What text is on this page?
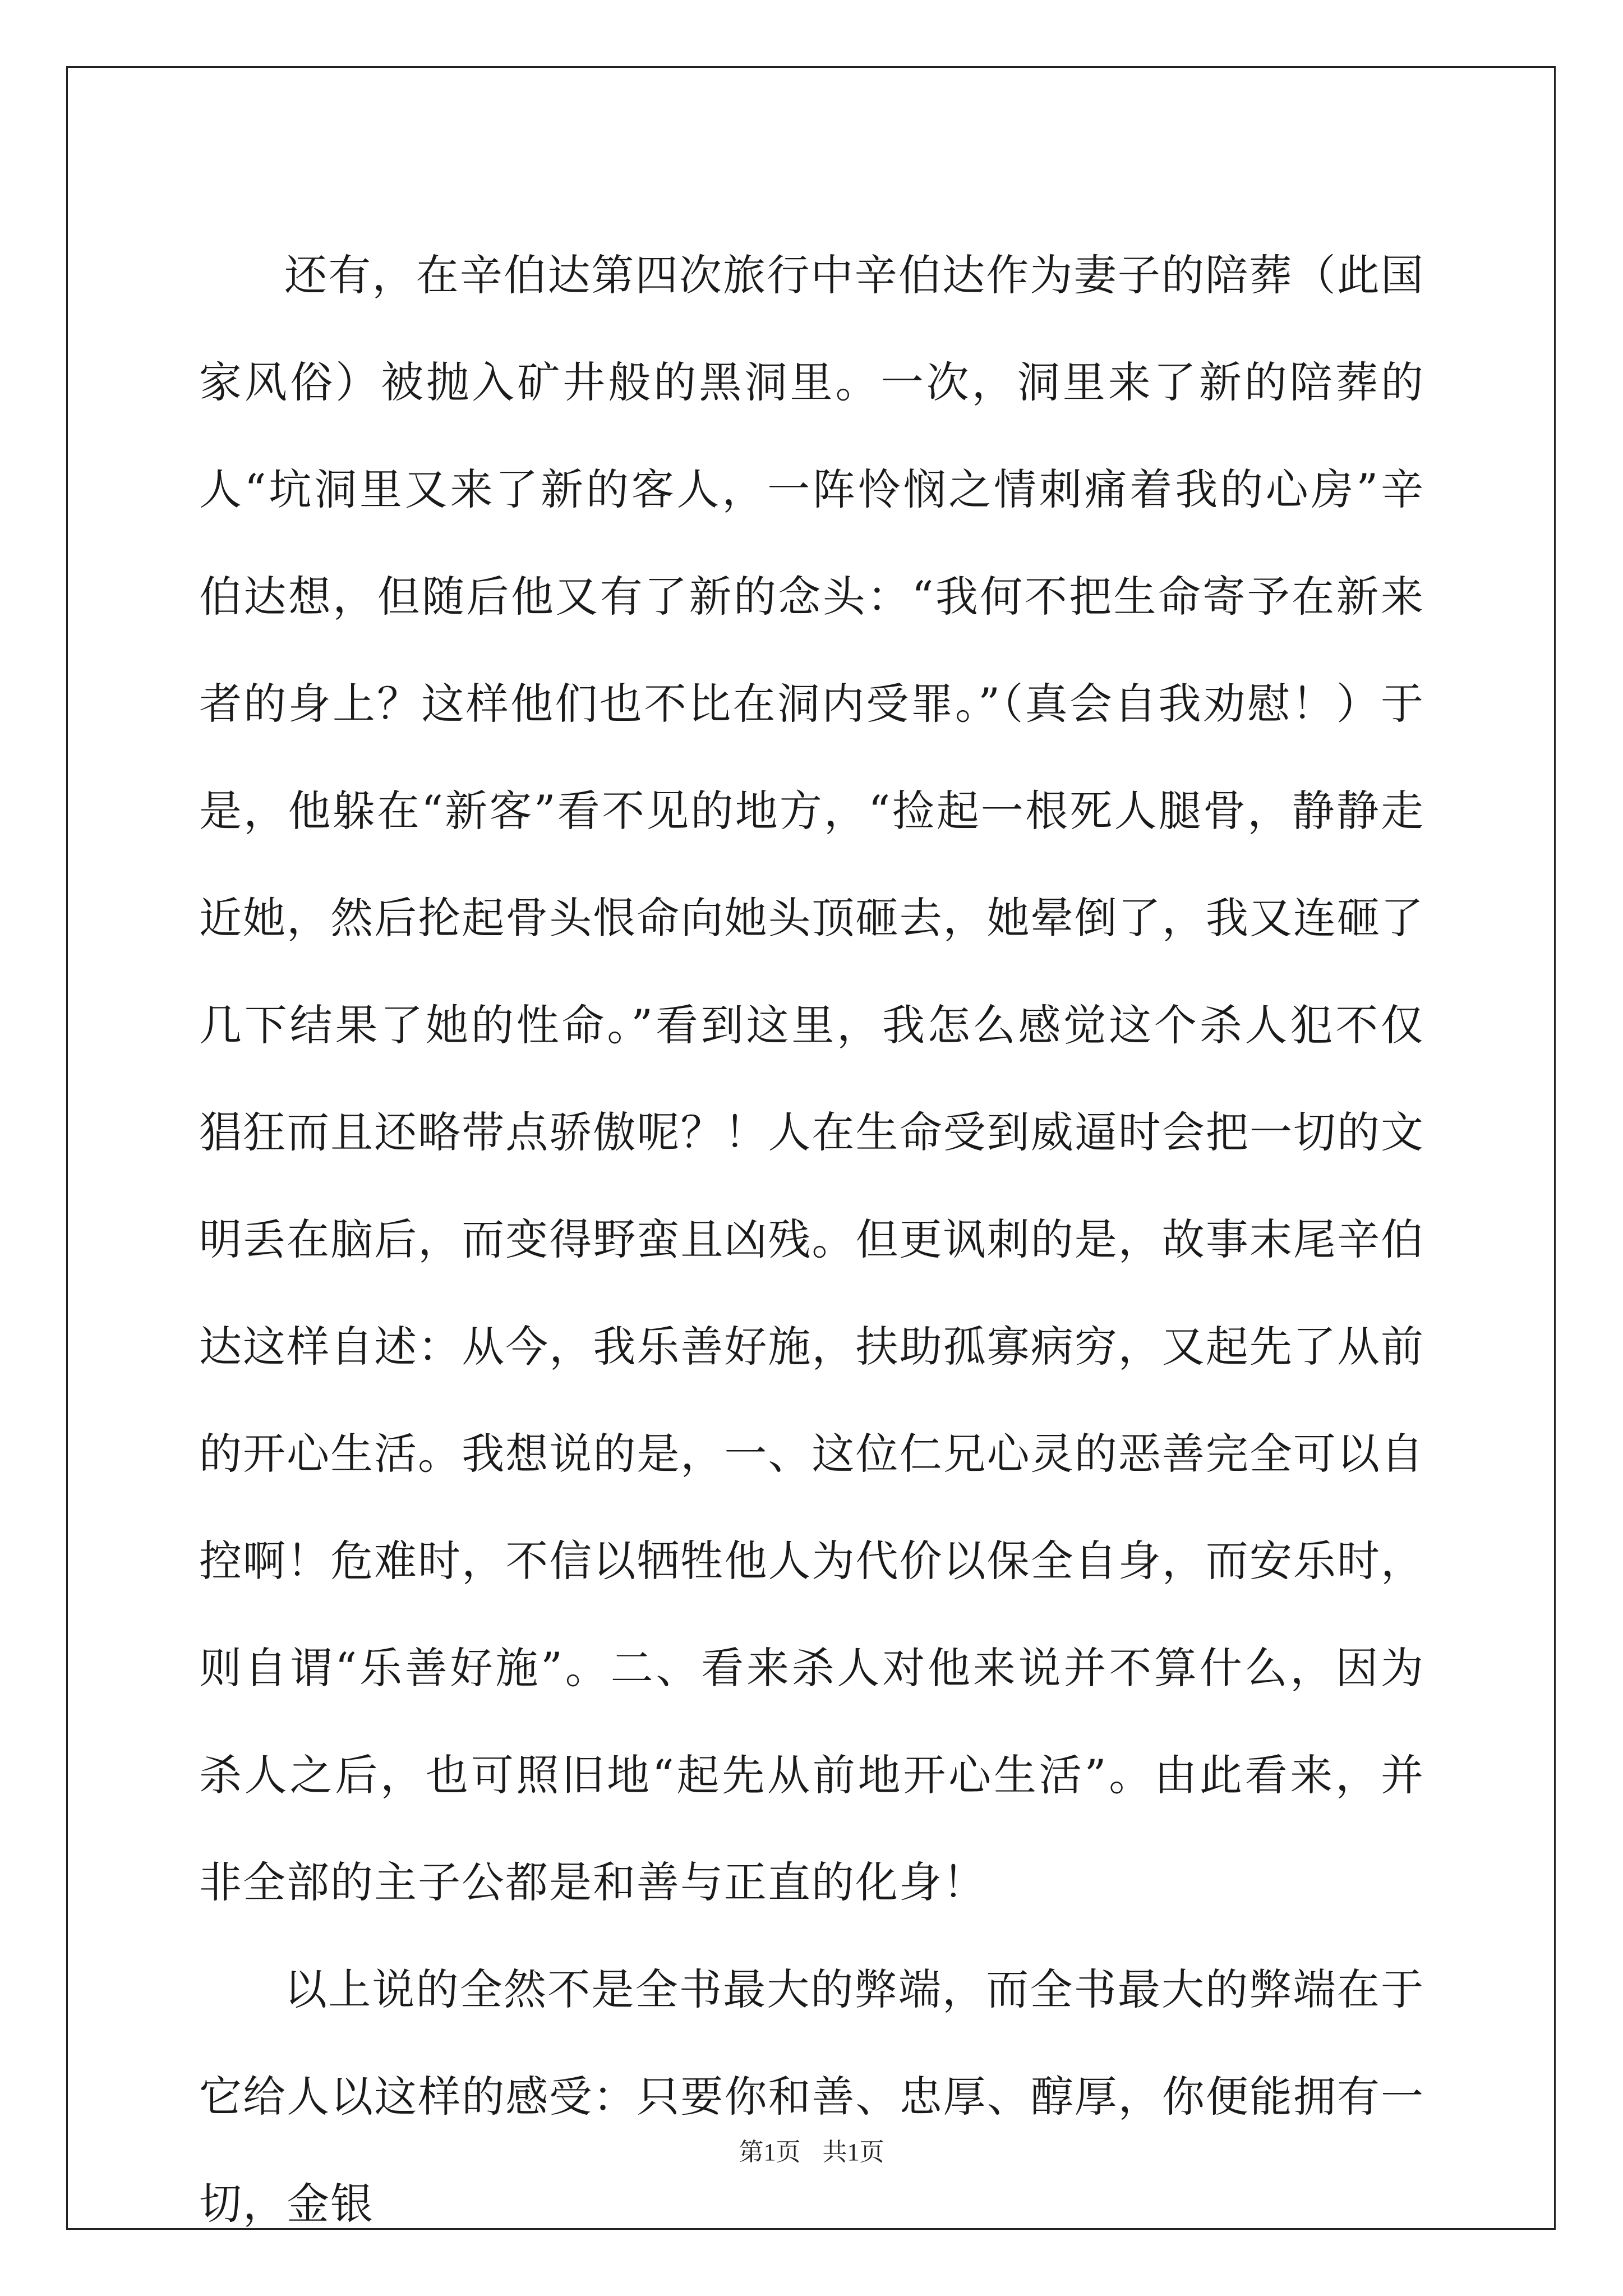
还有，在辛伯达第四次旅行中辛伯达作为妻子的陪葬（此国家风俗）被抛入矿井般的黑洞里。一次，洞里来了新的陪葬的人“坑洞里又来了新的客人，一阵怜悯之情刺痛着我的心房”辛伯达想，但随后他又有了新的念头：“我何不把生命寄予在新来者的身上？这样他们也不比在洞内受罪。”（真会自我劝慰！）于是，他躲在“新客”看不见的地方，“捡起一根死人腿骨，静静走近她，然后抡起骨头恨命向她头顶砸去，她晕倒了，我又连砸了几下结果了她的性命。”看到这里，我怎么感觉这个杀人犯不仅猖狂而且还略带点骄傲呢？！人在生命受到威逼时会把一切的文明丢在脑后，而变得野蛮且凶残。但更讽刺的是，故事末尾辛伯达这样自述：从今，我乐善好施，扶助孤寡病穷，又起先了从前的开心生活。我想说的是，一、这位仁兄心灵的恶善完全可以自控啊！危难时，不信以牺牲他人为代价以保全自身，而安乐时，则自谓“乐善好施”。二、看来杀人对他来说并不算什么，因为杀人之后，也可照旧地“起先从前地开心生活”。由此看来，并非全部的主子公都是和善与正直的化身！

以上说的全然不是全书最大的弊端，而全书最大的弊端在于它给人以这样的感受：只要你和善、忠厚、醇厚，你便能拥有一切，金银

第1页 共1页
